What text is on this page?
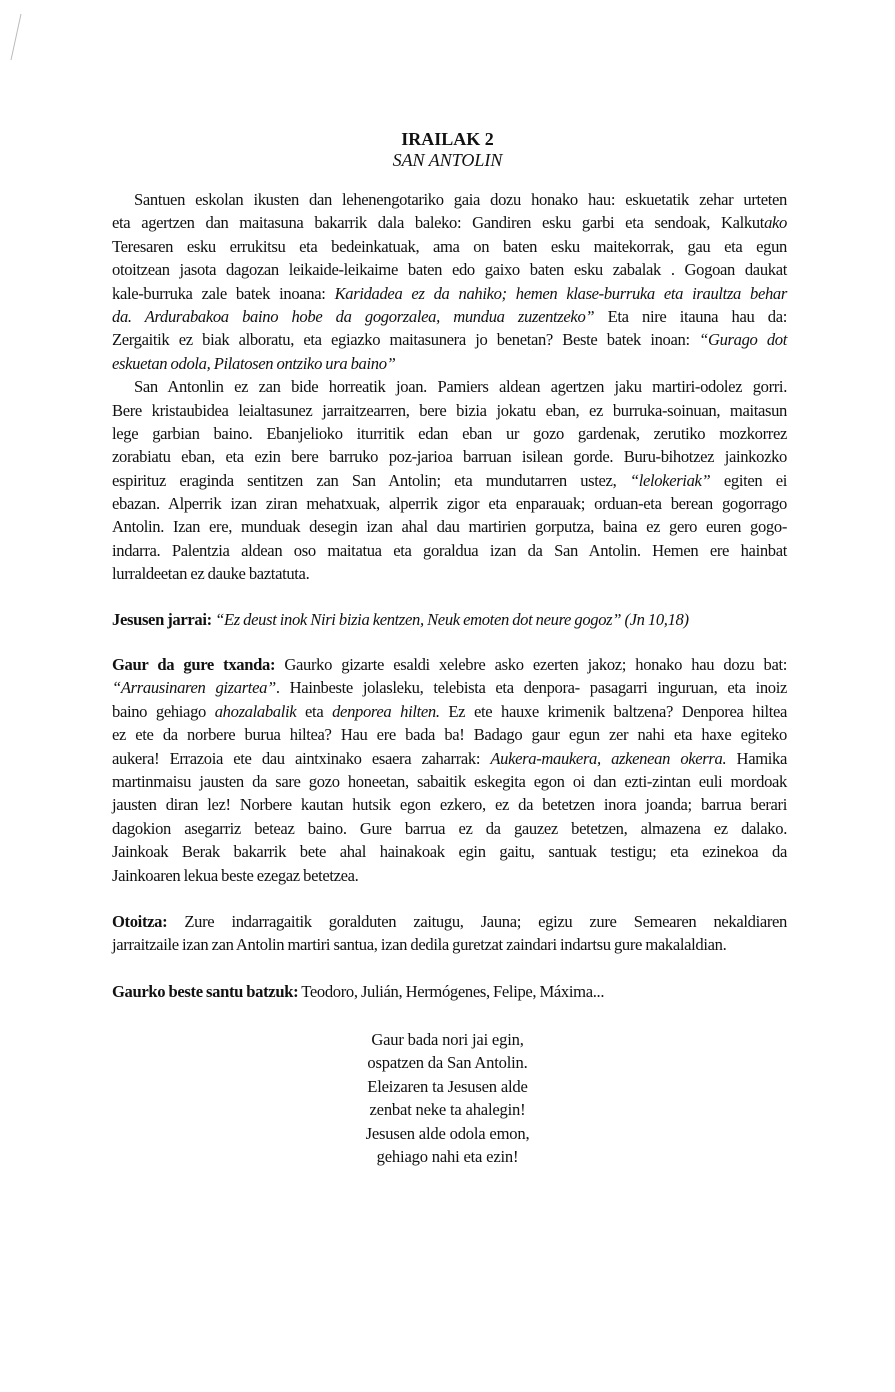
IRAILAK 2
SAN ANTOLIN
Santuen eskolan ikusten dan lehenengotariko gaia dozu honako hau: eskuetatik zehar urteten
eta agertzen dan maitasuna bakarrik dala baleko: Gandiren esku garbi eta sendoak, Kalkutako
Teresaren esku errukitsu eta bedeinkatuak, ama on baten esku maitekorrak, gau eta egun
otoitzean jasota dagozan leikaide-leikaime baten edo gaixo baten esku zabalak . Gogoan daukat
kale-burruka zale batek inoana: Karidadea ez da nahiko; hemen klase-burruka eta iraultza behar
da. Ardurabakoa baino hobe da gogorzalea, mundua zuzentzeko” Eta nire itauna hau da:
Zergaitik ez biak alboratu, eta egiazko maitasunera jo benetan? Beste batek inoan: “Gurago dot
eskuetan odola, Pilatosen ontziko ura baino”
San Antonlin ez zan bide horreatik joan. Pamiers aldean agertzen jaku martiri-odolez gorri.
Bere kristaubidea leialtasunez jarraitzearren, bere bizia jokatu eban, ez burruka-soinuan, maitasun
lege garbian baino. Ebanjelioko iturritik edan eban ur gozo gardenak, zerutiko mozkorrez
zorabiatu eban, eta ezin bere barruko poz-jarioa barruan isilean gorde. Buru-bihotzez jainkozko
espirituz eraginda sentitzen zan San Antolin; eta mundutarren ustez, “lelokeriak” egiten ei
ebazan. Alperrik izan ziran mehatxuak, alperrik zigor eta enparauak; orduan-eta berean gogorrago
Antolin. Izan ere, munduak desegin izan ahal dau martirien gorputza, baina ez gero euren gogo-
indarra. Palentzia aldean oso maitatua eta goraldua izan da San Antolin. Hemen ere hainbat
lurraldeetan ez dauke baztatuta.
Jesusen jarrai: “Ez deust inok Niri bizia kentzen, Neuk emoten dot neure gogoz” (Jn 10,18)
Gaur da gure txanda: Gaurko gizarte esaldi xelebre asko ezerten jakoz; honako hau dozu bat:
“Arrausinaren gizartea”. Hainbeste jolasleku, telebista eta denpora- pasagarri inguruan, eta inoiz
baino gehiago ahozalabalik eta denporea hilten. Ez ete hauxe krimenik baltzena? Denporea hiltea
ez ete da norbere burua hiltea? Hau ere bada ba! Badago gaur egun zer nahi eta haxe egiteko
aukera! Errazoia ete dau aintxinako esaera zaharrak: Aukera-maukera, azkenean okerra. Hamika
martinmaisu jausten da sare gozo honeetan, sabaitik eskegita egon oi dan ezti-zintan euli mordoak
jausten diran lez! Norbere kautan hutsik egon ezkero, ez da betetzen inora joanda; barrua berari
dagokion asegarriz beteaz baino. Gure barrua ez da gauzez betetzen, almazena ez dalako.
Jainkoak Berak bakarrik bete ahal hainakoak egin gaitu, santuak testigu; eta ezinekoa da
Jainkoaren lekua beste ezegaz betetzea.
Otoitza: Zure indarragaitik goralduten zaitugu, Jauna; egizu zure Semearen nekaldiaren
jarraitzaile izan zan Antolin martiri santua, izan dedila guretzat zaindari indartsu gure makalaldian.
Gaurko beste santu batzuk: Teodoro, Julián, Hermógenes, Felipe, Máxima...
Gaur bada nori jai egin,
ospatzen da San Antolin.
Eleizaren ta Jesusen alde
zenbat neke ta ahalegin!
Jesusen alde odola emon,
gehiago nahi eta ezin!
